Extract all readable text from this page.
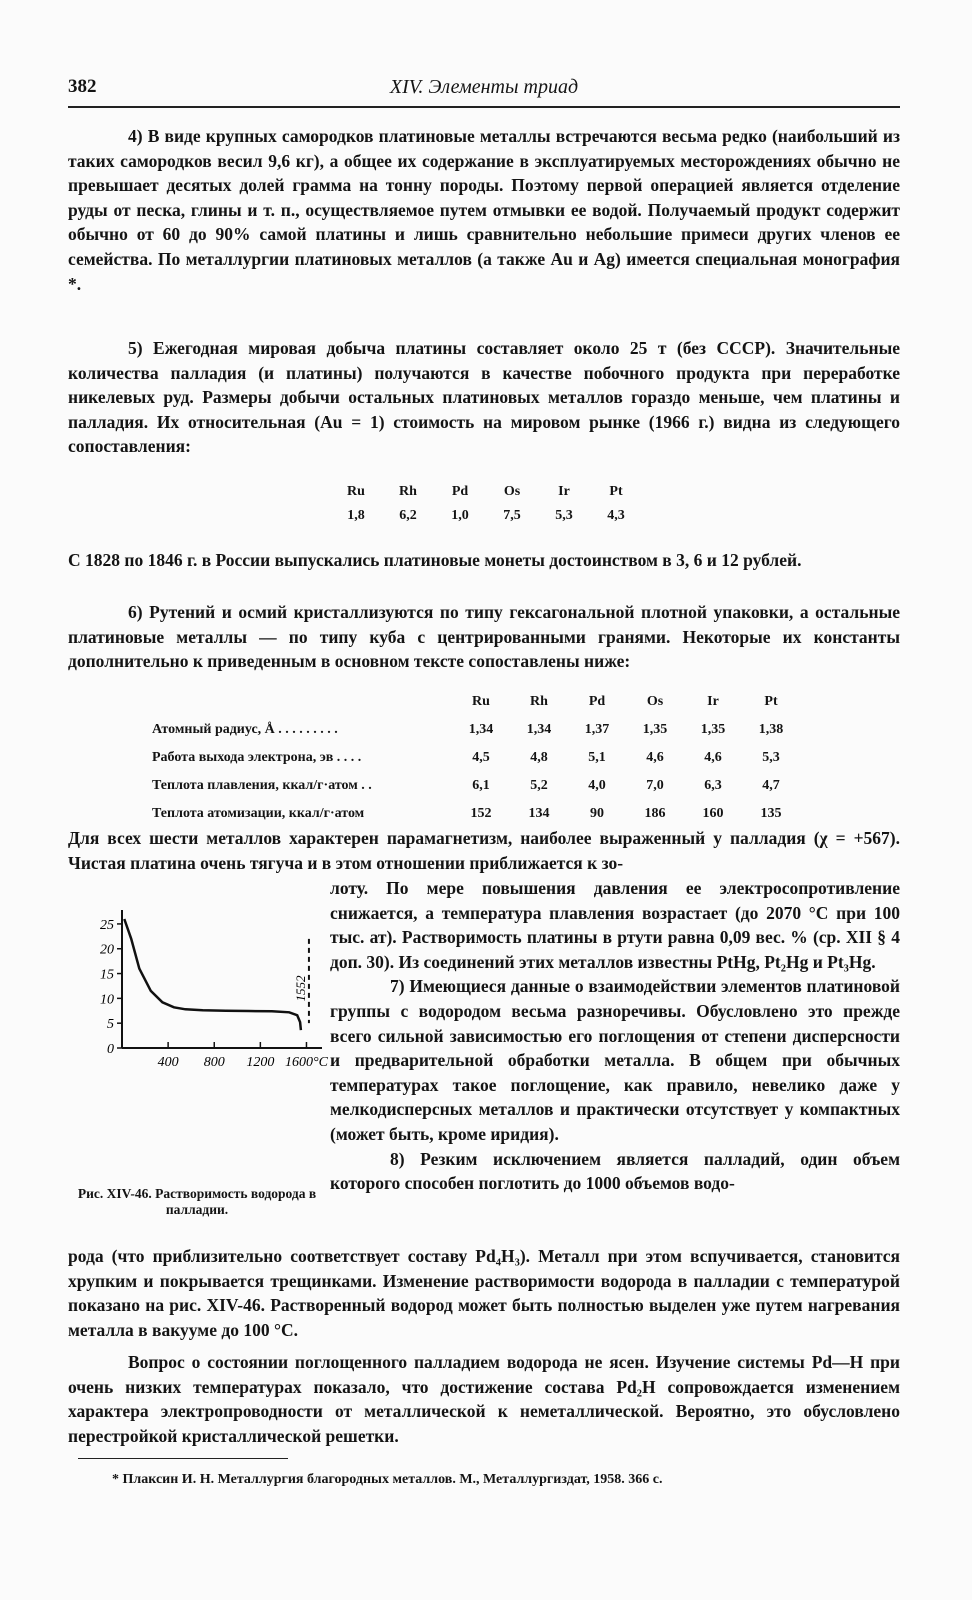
382	XIV. Элементы триад

4) В виде крупных самородков платиновые металлы встречаются весьма редко (наибольший из таких самородков весил 9,6 кг), а общее их содержание в эксплуатируемых месторождениях обычно не превышает десятых долей грамма на тонну породы. Поэтому первой операцией является отделение руды от песка, глины и т. п., осуществляемое путем отмывки ее водой. Получаемый продукт содержит обычно от 60 до 90% самой платины и лишь сравнительно небольшие примеси других членов ее семейства. По металлургии платиновых металлов (а также Au и Ag) имеется специальная монография *.

5) Ежегодная мировая добыча платины составляет около 25 т (без СССР). Значительные количества палладия (и платины) получаются в качестве побочного продукта при переработке никелевых руд. Размеры добычи остальных платиновых металлов гораздо меньше, чем платины и палладия. Их относительная (Au = 1) стоимость на мировом рынке (1966 г.) видна из следующего сопоставления:

Ru	Rh	Pd	Os	Ir	Pt
1,8	6,2	1,0	7,5	5,3	4,3

С 1828 по 1846 г. в России выпускались платиновые монеты достоинством в 3, 6 и 12 рублей.

6) Рутений и осмий кристаллизуются по типу гексагональной плотной упаковки, а остальные платиновые металлы — по типу куба с центрированными гранями. Некоторые их константы дополнительно к приведенным в основном тексте сопоставлены ниже:

	Ru	Rh	Pd	Os	Ir	Pt
Атомный радиус, Å . . . . . . . . .	1,34	1,34	1,37	1,35	1,35	1,38
Работа выхода электрона, эв . . . .	4,5	4,8	5,1	4,6	4,6	5,3
Теплота плавления, ккал/г·атом . .	6,1	5,2	4,0	7,0	6,3	4,7
Теплота атомизации, ккал/г·атом	152	134	90	186	160	135

Для всех шести металлов характерен парамагнетизм, наиболее выраженный у палладия (χ = +567). Чистая платина очень тягуча и в этом отношении приближается к зо-

лоту. По мере повышения давления ее электросопротивление снижается, а температура плавления возрастает (до 2070 °С при 100 тыс. ат). Растворимость платины в ртути равна 0,09 вес. % (ср. XII § 4 доп. 30). Из соединений этих металлов известны PtHg, Pt₂Hg и Pt₃Hg.

7) Имеющиеся данные о взаимодействии элементов платиновой группы с водородом весьма разноречивы. Обусловлено это прежде всего сильной зависимостью его поглощения от степени дисперсности и предварительной обработки металла. В общем при обычных температурах такое поглощение, как правило, невелико даже у мелкодисперсных металлов и практически отсутствует у компактных (может быть, кроме иридия).

8) Резким исключением является палладий, один объем которого способен поглотить до 1000 объемов водо-

0
5
10
15
20
25
400 800 1200 1600°C
1552
Рис. XIV-46. Растворимость водорода в палладии.

рода (что приблизительно соответствует составу Pd₄H₃). Металл при этом вспучивается, становится хрупким и покрывается трещинками. Изменение растворимости водорода в палладии с температурой показано на рис. XIV-46. Растворенный водород может быть полностью выделен уже путем нагревания металла в вакууме до 100 °С.

Вопрос о состоянии поглощенного палладием водорода не ясен. Изучение системы Pd—H при очень низких температурах показало, что достижение состава Pd₂H сопровождается изменением характера электропроводности от металлической к неметаллической. Вероятно, это обусловлено перестройкой кристаллической решетки.

* Плаксин И. Н. Металлургия благородных металлов. М., Металлургиздат, 1958. 366 с.
